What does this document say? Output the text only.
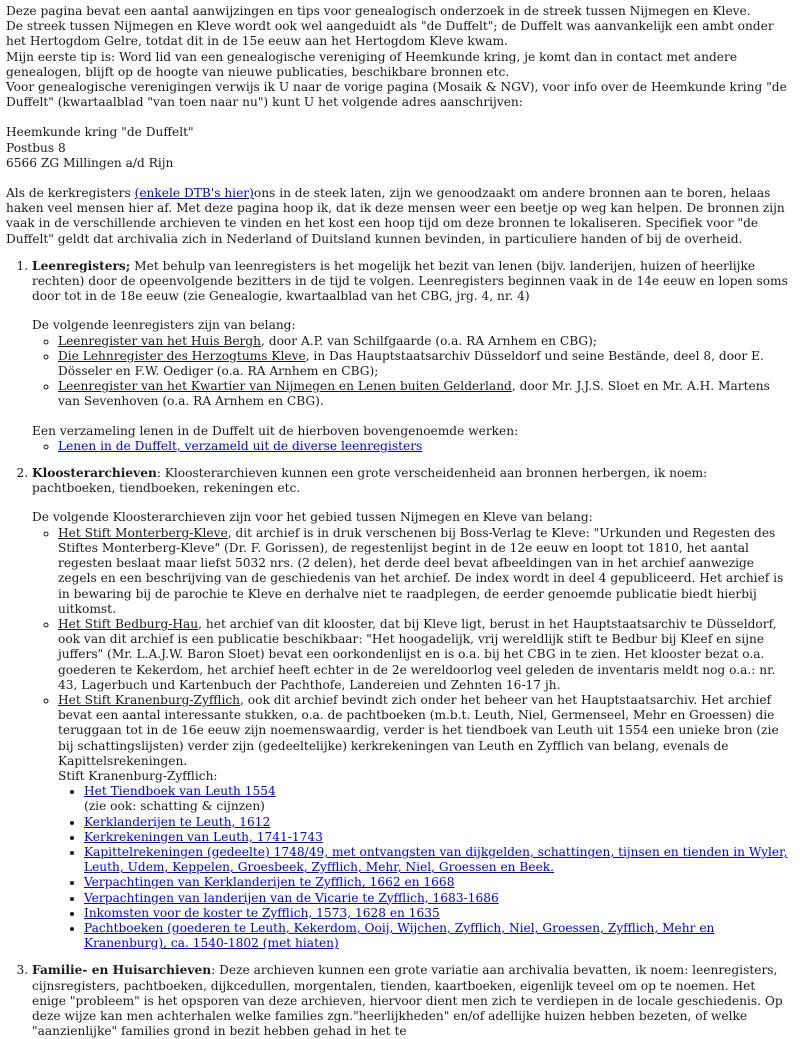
Deze pagina bevat een aantal aanwijzingen en tips voor genealogisch onderzoek in de streek tussen Nijmegen en Kleve.

De streek tussen Nijmegen en Kleve wordt ook wel aangeduidt als "de Duffelt"; de Duffelt was aanvankelijk een ambt onder het Hertogdom Gelre, totdat dit in de 15e eeuw aan het Hertogdom Kleve kwam.

Mijn eerste tip is: Word lid van een genealogische vereniging of Heemkunde kring, je komt dan in contact met andere genealogen, blijft op de hoogte van nieuwe publicaties, beschikbare bronnen etc.

Voor genealogische verenigingen verwijs ik U naar de vorige pagina (Mosaik & NGV), voor info over de Heemkunde kring "de Duffelt" (kwartaalblad "van toen naar nu") kunt U het volgende adres aanschrijven:

Heemkunde kring "de Duffelt"

Postbus 8

6566 ZG Millingen a/d Rijn

Als de kerkregisters (enkele DTB's hier)ons in de steek laten, zijn we genoodzaakt om andere bronnen aan te boren, helaas haken veel mensen hier af. Met deze pagina hoop ik, dat ik deze mensen weer een beetje op weg kan helpen. De bronnen zijn vaak in de verschillende archieven te vinden en het kost een hoop tijd om deze bronnen te lokaliseren. Specifiek voor "de Duffelt" geldt dat archivalia zich in Nederland of Duitsland kunnen bevinden, in particuliere handen of bij de overheid.

1. Leenregisters; Met behulp van leenregisters is het mogelijk het bezit van lenen (bijv. landerijen, huizen of heerlijke rechten) door de opeenvolgende bezitters in de tijd te volgen. Leenregisters beginnen vaak in de 14e eeuw en lopen soms door tot in de 18e eeuw (zie Genealogie, kwartaalblad van het CBG, jrg. 4, nr. 4)

De volgende leenregisters zijn van belang:

◦ Leenregister van het Huis Bergh, door A.P. van Schilfgaarde (o.a. RA Arnhem en CBG);
◦ Die Lehnregister des Herzogtums Kleve, in Das Hauptstaatsarchiv Düsseldorf und seine Bestände, deel 8, door E. Dösseler en F.W. Oediger (o.a. RA Arnhem en CBG);
◦ Leenregister van het Kwartier van Nijmegen en Lenen buiten Gelderland, door Mr. J.J.S. Sloet en Mr. A.H. Martens van Sevenhoven (o.a. RA Arnhem en CBG).

Een verzameling lenen in de Duffelt uit de hierboven bovengenoemde werken:

◦ Lenen in de Duffelt, verzameld uit de diverse leenregisters
2. Kloosterarchieven: Kloosterarchieven kunnen een grote verscheidenheid aan bronnen herbergen, ik noem: pachtboeken, tiendboeken, rekeningen etc.

De volgende Kloosterarchieven zijn voor het gebied tussen Nijmegen en Kleve van belang:

◦ Het Stift Monterberg-Kleve, dit archief is in druk verschenen bij Boss-Verlag te Kleve: "Urkunden und Regesten des Stiftes Monterberg-Kleve" (Dr. F. Gorissen), de regestenlijst begint in de 12e eeuw en loopt tot 1810, het aantal regesten beslaat maar liefst 5032 nrs. (2 delen), het derde deel bevat afbeeldingen van in het archief aanwezige zegels en een beschrijving van de geschiedenis van het archief. De index wordt in deel 4 gepubliceerd. Het archief is in bewaring bij de parochie te Kleve en derhalve niet te raadplegen, de eerder genoemde publicatie biedt hierbij uitkomst.
◦ Het Stift Bedburg-Hau, het archief van dit klooster, dat bij Kleve ligt, berust in het Hauptstaatsarchiv te Düsseldorf, ook van dit archief is een publicatie beschikbaar: "Het hoogadelijk, vrij wereldlijk stift te Bedbur bij Kleef en sijne juffers" (Mr. L.A.J.W. Baron Sloet) bevat een oorkondenlijst en is o.a. bij het CBG in te zien. Het klooster bezat o.a. goederen te Kekerdom, het archief heeft echter in de 2e wereldoorlog veel geleden de inventaris meldt nog o.a.: nr. 43, Lagerbuch und Kartenbuch der Pachthofe, Landereien und Zehnten 16-17 jh.
◦ Het Stift Kranenburg-Zyfflich, ook dit archief bevindt zich onder het beheer van het Hauptstaatsarchiv. Het archief bevat een aantal interessante stukken, o.a. de pachtboeken (m.b.t. Leuth, Niel, Germenseel, Mehr en Groessen) die teruggaan tot in de 16e eeuw zijn noemenswaardig, verder is het tiendboek van Leuth uit 1554 een unieke bron (zie bij schattingslijsten) verder zijn (gedeeltelijke) kerkrekeningen van Leuth en Zyfflich van belang, evenals de Kapittelsrekeningen.

Stift Kranenburg-Zyfflich:

• Het Tiendboek van Leuth 1554
(zie ook: schatting & cijnzen)
• Kerklanderijen te Leuth, 1612
• Kerkrekeningen van Leuth, 1741-1743
• Kapittelrekeningen (gedeelte) 1748/49, met ontvangsten van dijkgelden, schattingen, tijnsen en tienden in Wyler, Leuth, Udem, Keppelen, Groesbeek, Zyfflich, Mehr, Niel, Groessen en Beek.
• Verpachtingen van Kerklanderijen te Zyfflich, 1662 en 1668
• Verpachtingen van landerijen van de Vicarie te Zyfflich, 1683-1686
• Inkomsten voor de koster te Zyfflich, 1573, 1628 en 1635
• Pachtboeken (goederen te Leuth, Kekerdom, Ooij, Wijchen, Zyfflich, Niel, Groessen, Zyfflich, Mehr en Kranenburg), ca. 1540-1802 (met hiaten)
3. Familie- en Huisarchieven: Deze archieven kunnen een grote variatie aan archivalia bevatten, ik noem: leenregisters, cijnsregisters, pachtboeken, dijkcedullen, morgentalen, tienden, kaartboeken, eigenlijk teveel om op te noemen. Het enige "probleem" is het opsporen van deze archieven, hiervoor dient men zich te verdiepen in de locale geschiedenis. Op deze wijze kan men achterhalen welke families zgn."heerlijkheden" en/of adellijke huizen hebben bezeten, of welke "aanzienlijke" families grond in bezit hebben gehad in het te
